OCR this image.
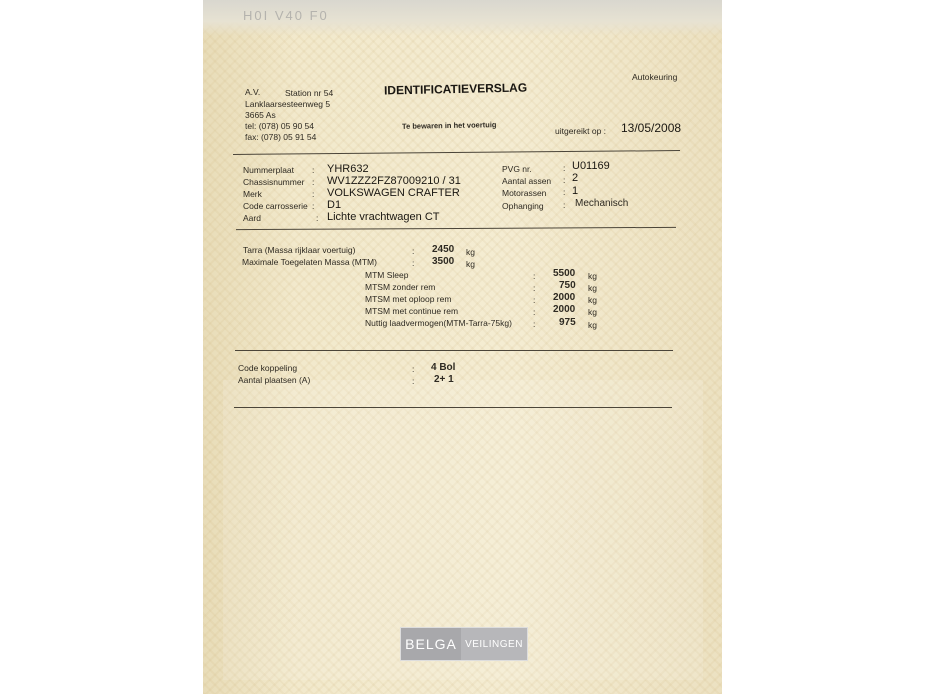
H0I V40 F0
A.V.	Station nr 54
Lanklaarsesteenweg 5
3665 As
tel: (078) 05 90 54
fax: (078) 05 91 54
IDENTIFICATIEVERSLAG
Te bewaren in het voertuig
Autokeuring
uitgereikt op : 13/05/2008
Nummerplaat : YHR632
Chassisnummer : WV1ZZZ2FZ87009210 / 31
Merk	: VOLKSWAGEN CRAFTER
Code carrosserie : D1
Aard	: Lichte vrachtwagen CT
PVG nr.	: U01169
Aantal assen : 2
Motorassen : 1
Ophanging : Mechanisch
Tarra (Massa rijklaar voertuig)	: 2450 kg
Maximale Toegelaten Massa (MTM)	: 3500 kg
MTM Sleep	: 5500 kg
MTSM zonder rem	: 750 kg
MTSM met oploop rem	: 2000 kg
MTSM met continue rem	: 2000 kg
Nuttig laadvermogen(MTM-Tarra-75kg) : 975 kg
Code koppeling	: 4 Bol
Aantal plaatsen (A)	: 2+ 1
BELGA VEILINGEN
